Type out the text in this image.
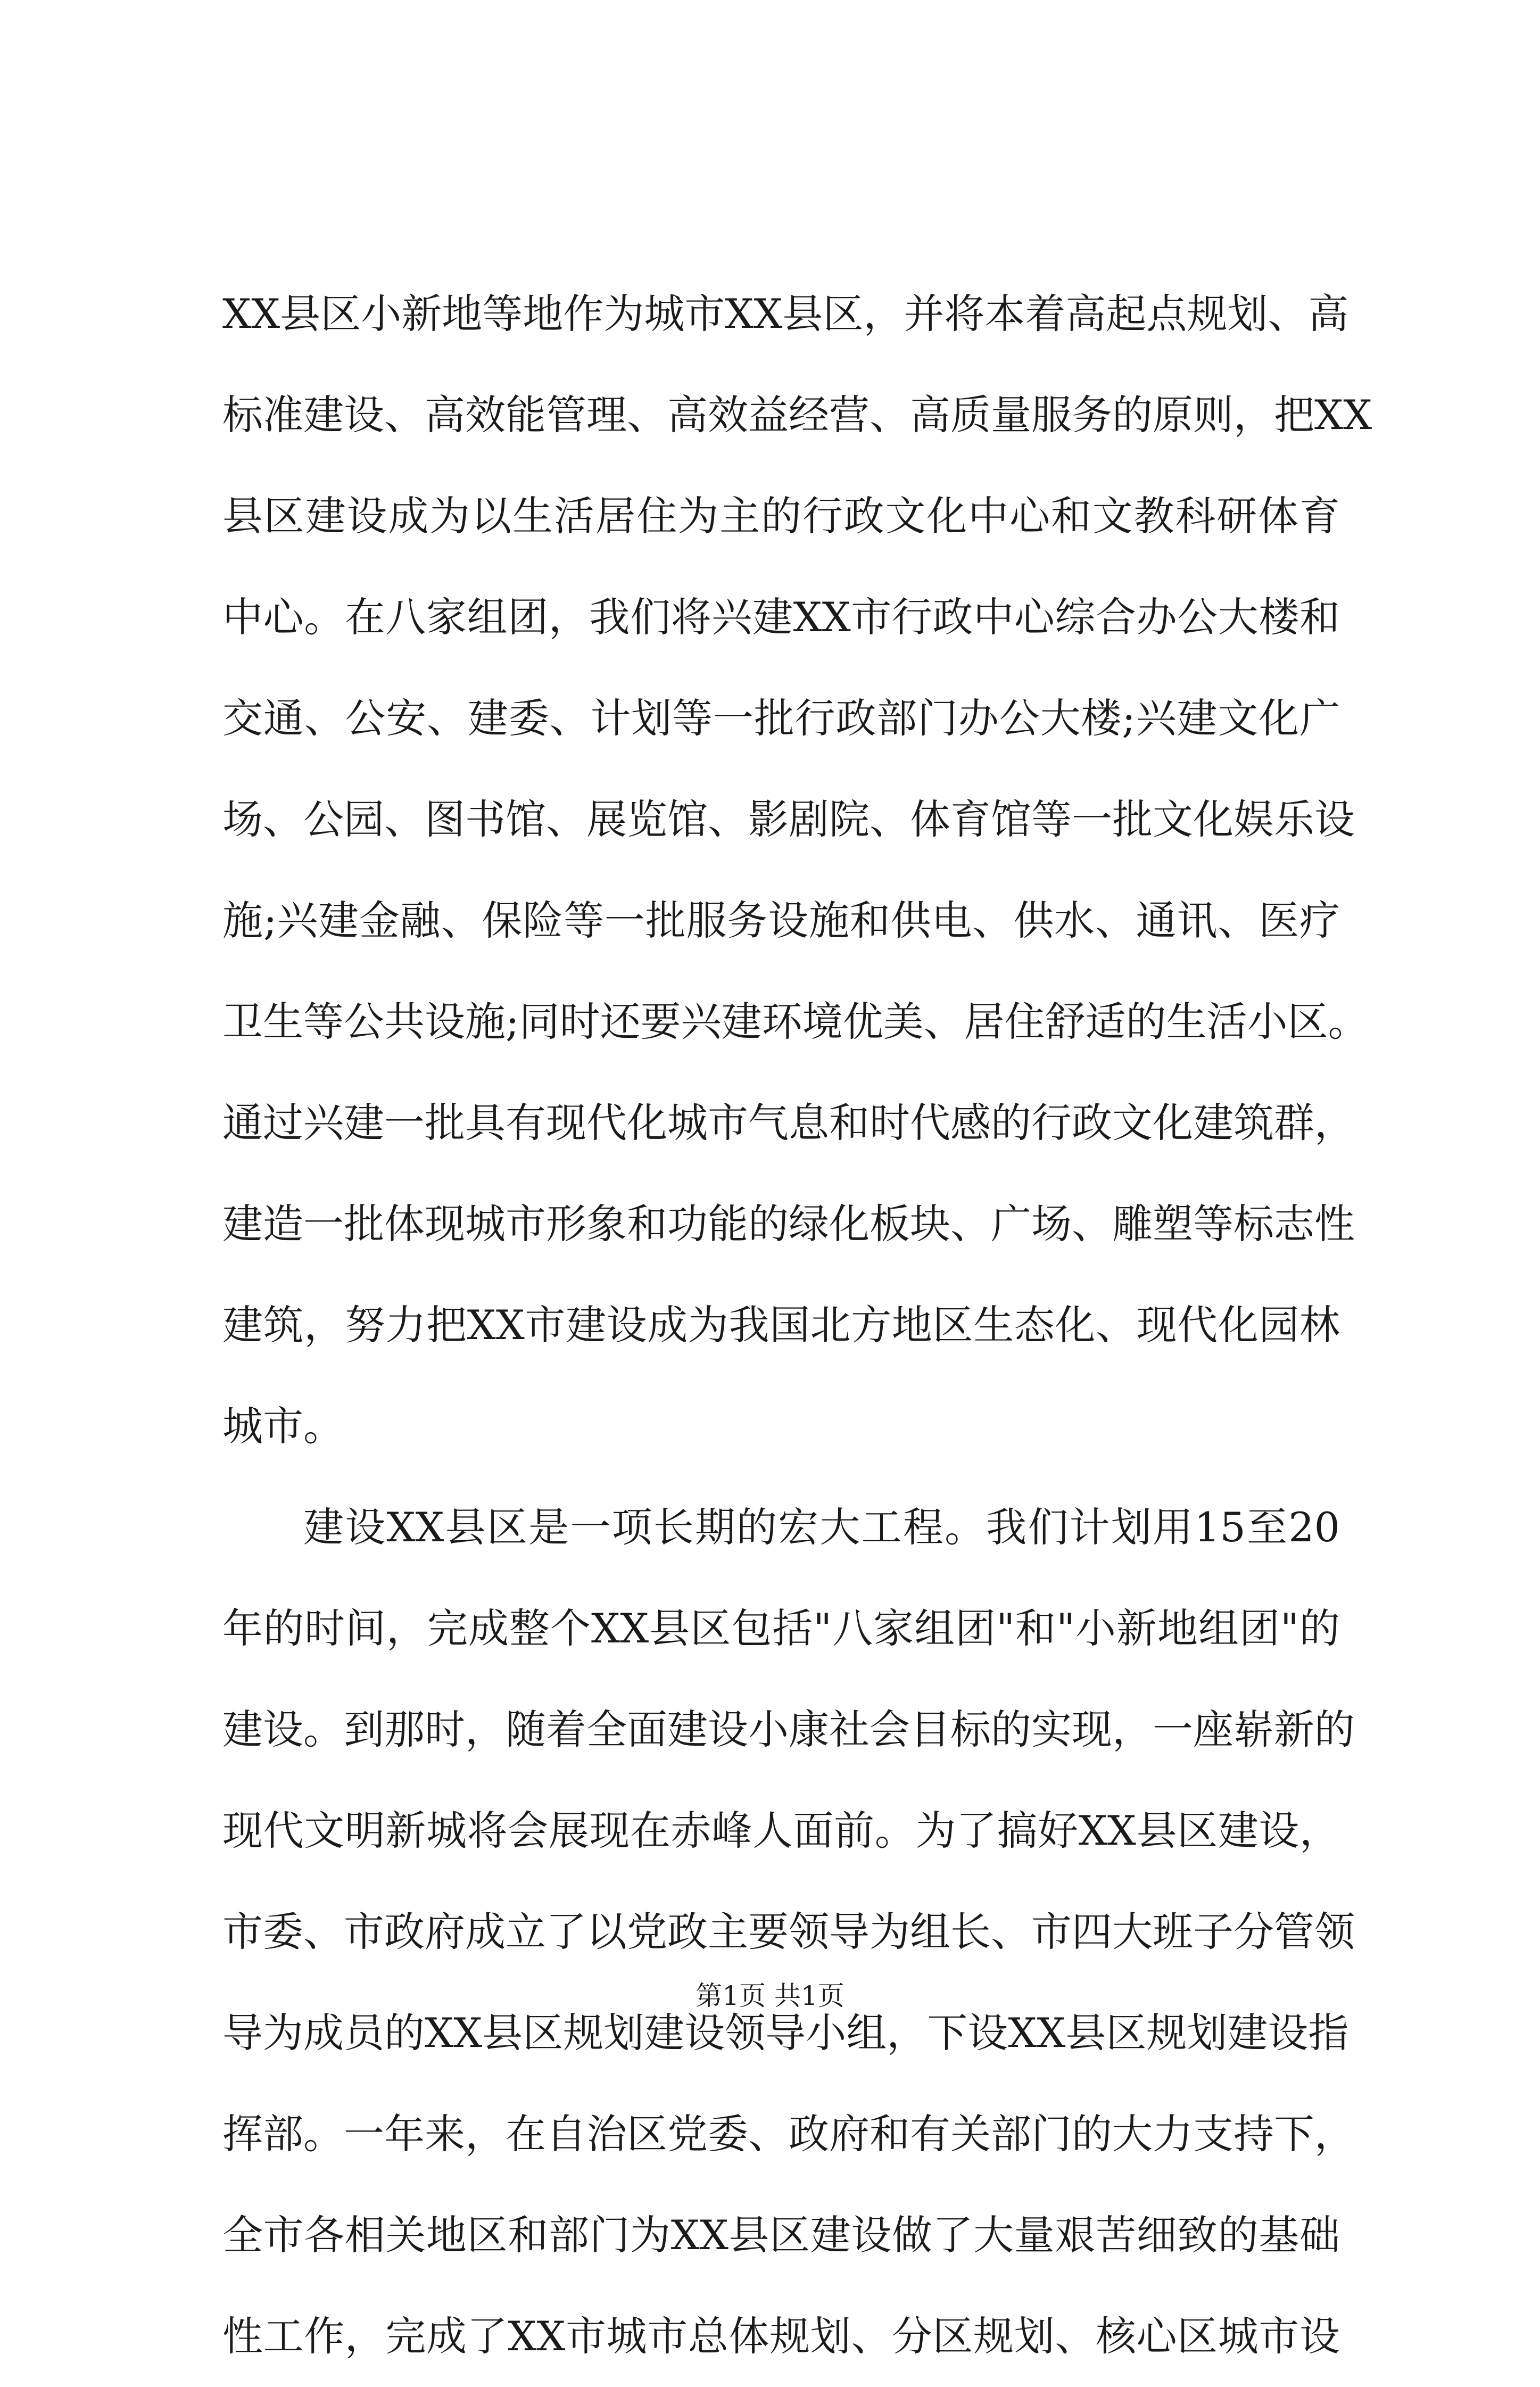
XX县区小新地等地作为城市XX县区，并将本着高起点规划、高
标准建设、高效能管理、高效益经营、高质量服务的原则，把XX
县区建设成为以生活居住为主的行政文化中心和文教科研体育
中心。在八家组团，我们将兴建XX市行政中心综合办公大楼和
交通、公安、建委、计划等一批行政部门办公大楼;兴建文化广
场、公园、图书馆、展览馆、影剧院、体育馆等一批文化娱乐设
施;兴建金融、保险等一批服务设施和供电、供水、通讯、医疗
卫生等公共设施;同时还要兴建环境优美、居住舒适的生活小区。
通过兴建一批具有现代化城市气息和时代感的行政文化建筑群，
建造一批体现城市形象和功能的绿化板块、广场、雕塑等标志性
建筑，努力把XX市建设成为我国北方地区生态化、现代化园林
城市。
建设XX县区是一项长期的宏大工程。我们计划用15至20
年的时间，完成整个XX县区包括"八家组团"和"小新地组团"的
建设。到那时，随着全面建设小康社会目标的实现，一座崭新的
现代文明新城将会展现在赤峰人面前。为了搞好XX县区建设，
市委、市政府成立了以党政主要领导为组长、市四大班子分管领
导为成员的XX县区规划建设领导小组，下设XX县区规划建设指
挥部。一年来，在自治区党委、政府和有关部门的大力支持下，
全市各相关地区和部门为XX县区建设做了大量艰苦细致的基础
性工作，完成了XX市城市总体规划、分区规划、核心区城市设
第1页 共1页
